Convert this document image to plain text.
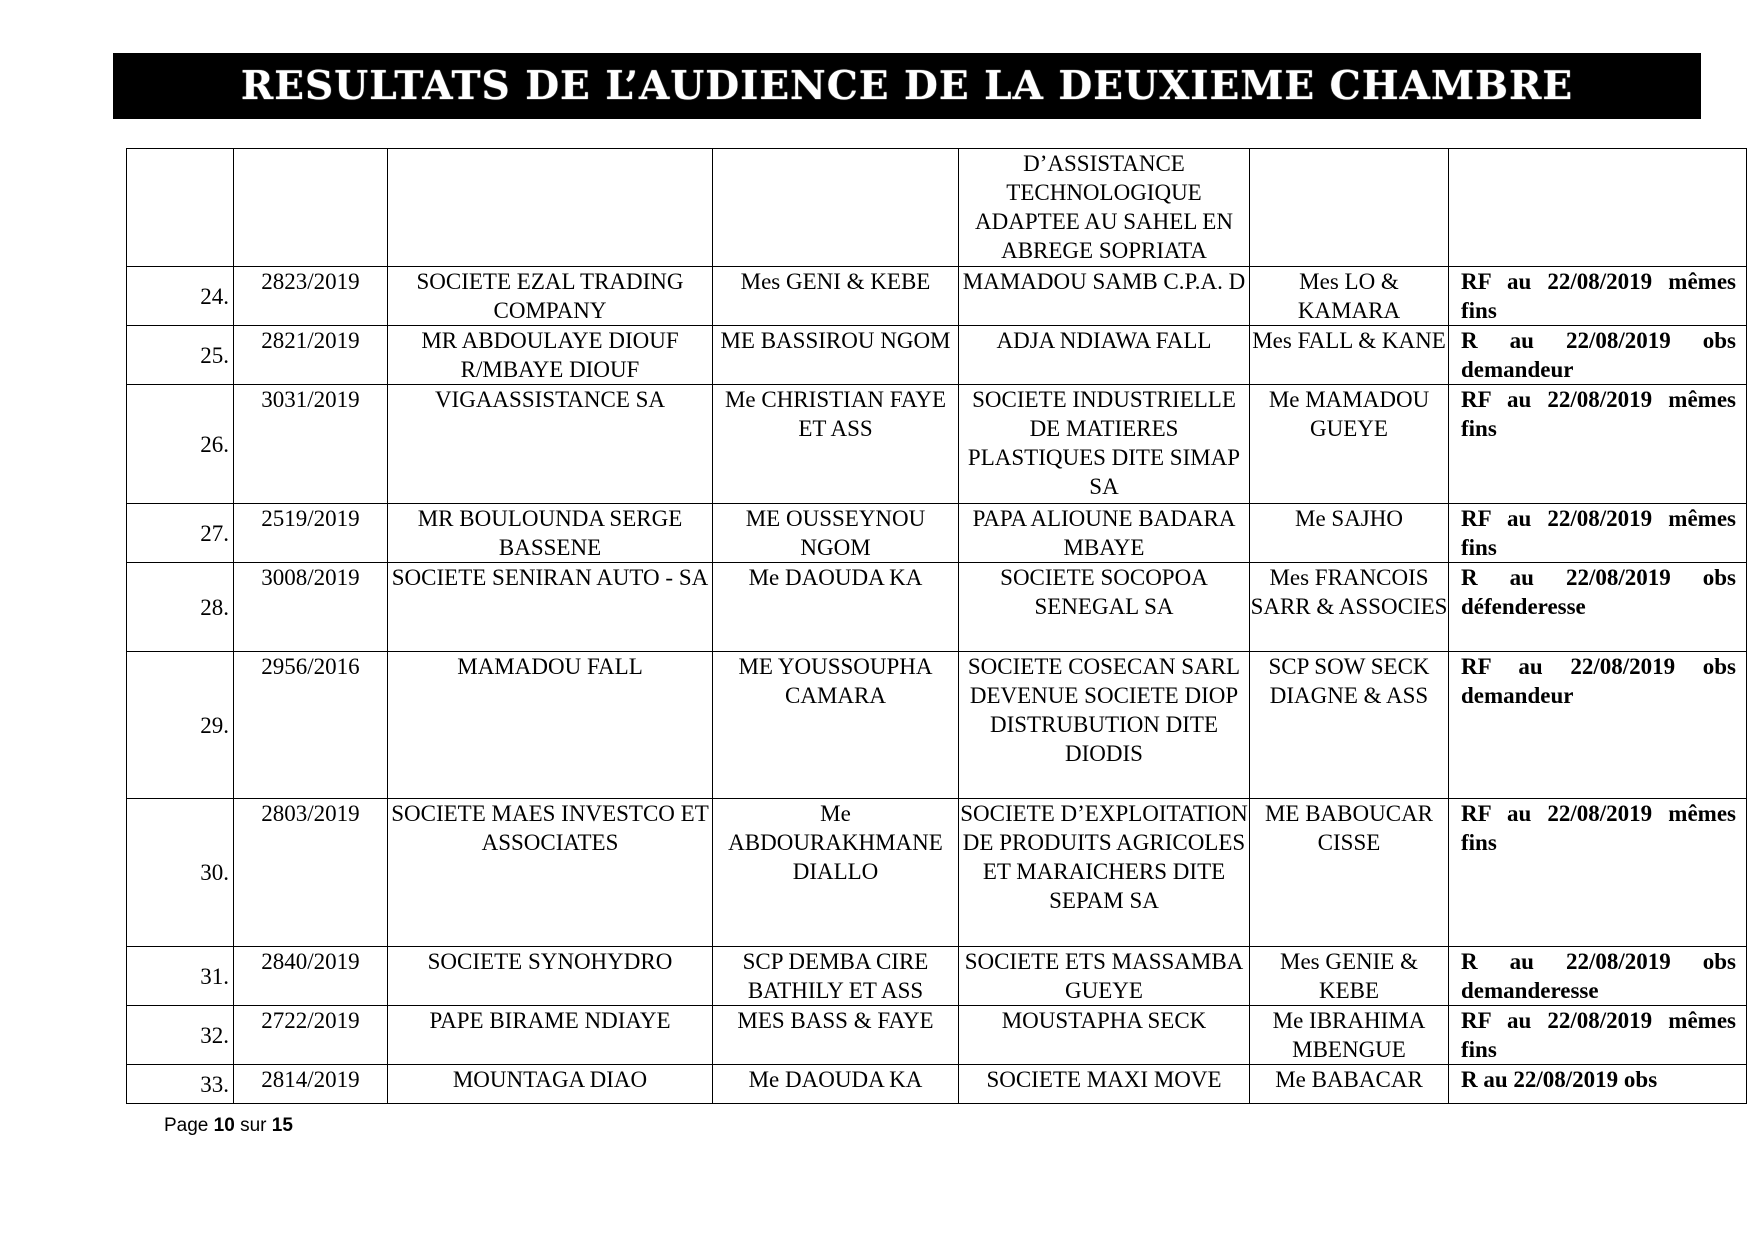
RESULTATS DE L’AUDIENCE DE LA DEUXIEME CHAMBRE

				D’ASSISTANCE TECHNOLOGIQUE ADAPTEE AU SAHEL EN ABREGE SOPRIATA		

24.	2823/2019	SOCIETE EZAL TRADING COMPANY	Mes GENI & KEBE	MAMADOU SAMB C.P.A. D	Mes LO & KAMARA	RF au 22/08/2019 mêmes fins

25.	2821/2019	MR ABDOULAYE DIOUF R/MBAYE DIOUF	ME BASSIROU NGOM	ADJA NDIAWA FALL	Mes FALL & KANE	R au 22/08/2019 obs demandeur

26.	3031/2019	VIGAASSISTANCE SA	Me CHRISTIAN FAYE ET ASS	SOCIETE INDUSTRIELLE DE MATIERES PLASTIQUES DITE SIMAP SA	Me MAMADOU GUEYE	RF au 22/08/2019 mêmes fins

27.	2519/2019	MR BOULOUNDA SERGE BASSENE	ME OUSSEYNOU NGOM	PAPA ALIOUNE BADARA MBAYE	Me SAJHO	RF au 22/08/2019 mêmes fins

28.	3008/2019	SOCIETE SENIRAN AUTO - SA	Me DAOUDA KA	SOCIETE SOCOPOA SENEGAL SA	Mes FRANCOIS SARR & ASSOCIES	R au 22/08/2019 obs défenderesse

29.	2956/2016	MAMADOU FALL	ME YOUSSOUPHA CAMARA	SOCIETE COSECAN SARL DEVENUE SOCIETE DIOP DISTRUBUTION DITE DIODIS	SCP SOW SECK DIAGNE & ASS	RF au 22/08/2019 obs demandeur

30.	2803/2019	SOCIETE MAES INVESTCO ET ASSOCIATES	Me ABDOURAKHMANE DIALLO	SOCIETE D’EXPLOITATION DE PRODUITS AGRICOLES ET MARAICHERS DITE SEPAM SA	ME BABOUCAR CISSE	RF au 22/08/2019 mêmes fins

31.	2840/2019	SOCIETE SYNOHYDRO	SCP DEMBA CIRE BATHILY ET ASS	SOCIETE ETS MASSAMBA GUEYE	Mes GENIE & KEBE	R au 22/08/2019 obs demanderesse

32.	2722/2019	PAPE BIRAME NDIAYE	MES BASS & FAYE	MOUSTAPHA SECK	Me IBRAHIMA MBENGUE	RF au 22/08/2019 mêmes fins

33.	2814/2019	MOUNTAGA DIAO	Me DAOUDA KA	SOCIETE MAXI MOVE	Me BABACAR	R au 22/08/2019 obs
Page 10 sur 15
